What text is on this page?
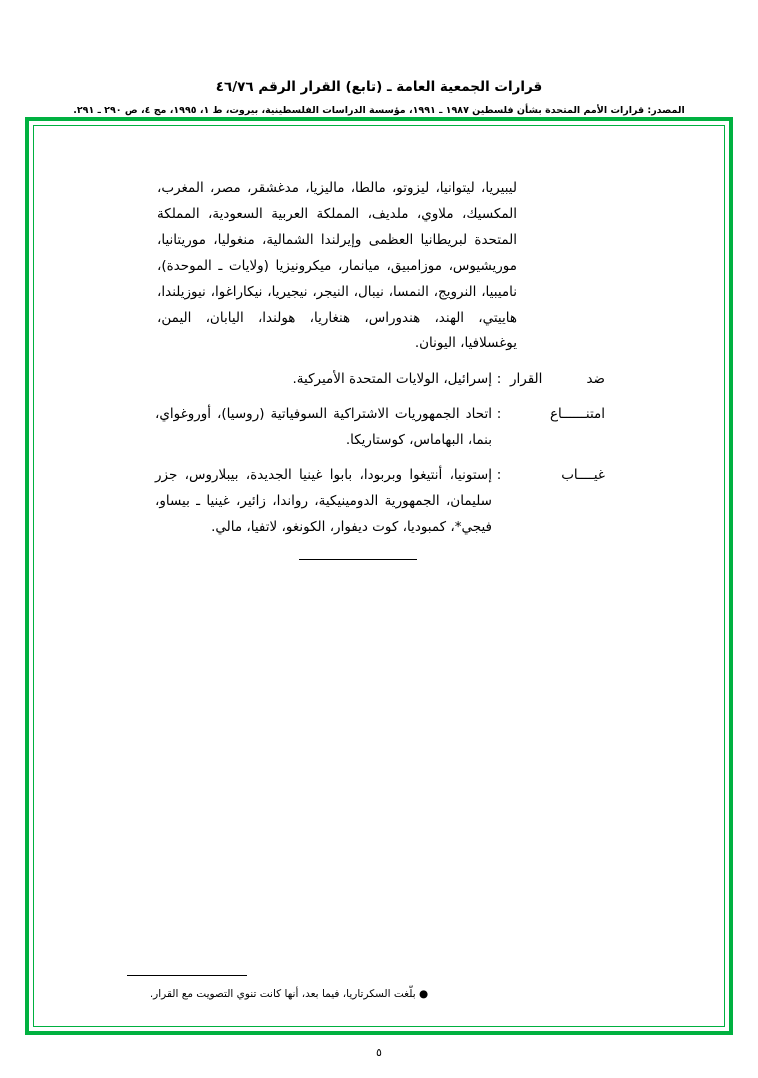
قرارات الجمعية العامة ـ (تابع) القرار الرقم ٤٦/٧٦
المصدر: قرارات الأمم المتحدة بشأن فلسطين ١٩٨٧ ـ ١٩٩١، مؤسسة الدراسات الفلسطينية، بيروت، ط ١، ١٩٩٥، مج ٤، ص ٢٩٠ ـ ٢٩١.
ليبيريا، ليتوانيا، ليزوتو، مالطا، ماليزيا، مدغشقر، مصر، المغرب، المكسيك، ملاوي، ملديف، المملكة العربية السعودية، المملكة المتحدة لبريطانيا العظمى وإيرلندا الشمالية، منغوليا، موريتانيا، موريشيوس، موزامبيق، ميانمار، ميكرونيزيا (ولايات ـ الموحدة)، ناميبيا، النرويج، النمسا، نيبال، النيجر، نيجيريا، نيكاراغوا، نيوزيلندا، هاييتي، الهند، هندوراس، هنغاريا، هولندا، اليابان، اليمن، يوغسلافيا، اليونان.
ضد القرار
:
إسرائيل، الولايات المتحدة الأميركية.
امتنــــــاع
:
اتحاد الجمهوريات الاشتراكية السوفياتية (روسيا)، أوروغواي، بنما، البهاماس، كوستاريكا.
غيــــاب
:
إستونيا، أنتيغوا وبربودا، بابوا غينيا الجديدة، بيبلاروس، جزر سليمان، الجمهورية الدومينيكية، رواندا، زائير، غينيا ـ بيساو، فيجي*، كمبوديا، كوت ديفوار، الكونغو، لاتفيا، مالي.
● بلّغت السكرتاريا، فيما بعد، أنها كانت تنوي التصويت مع القرار.
٥
